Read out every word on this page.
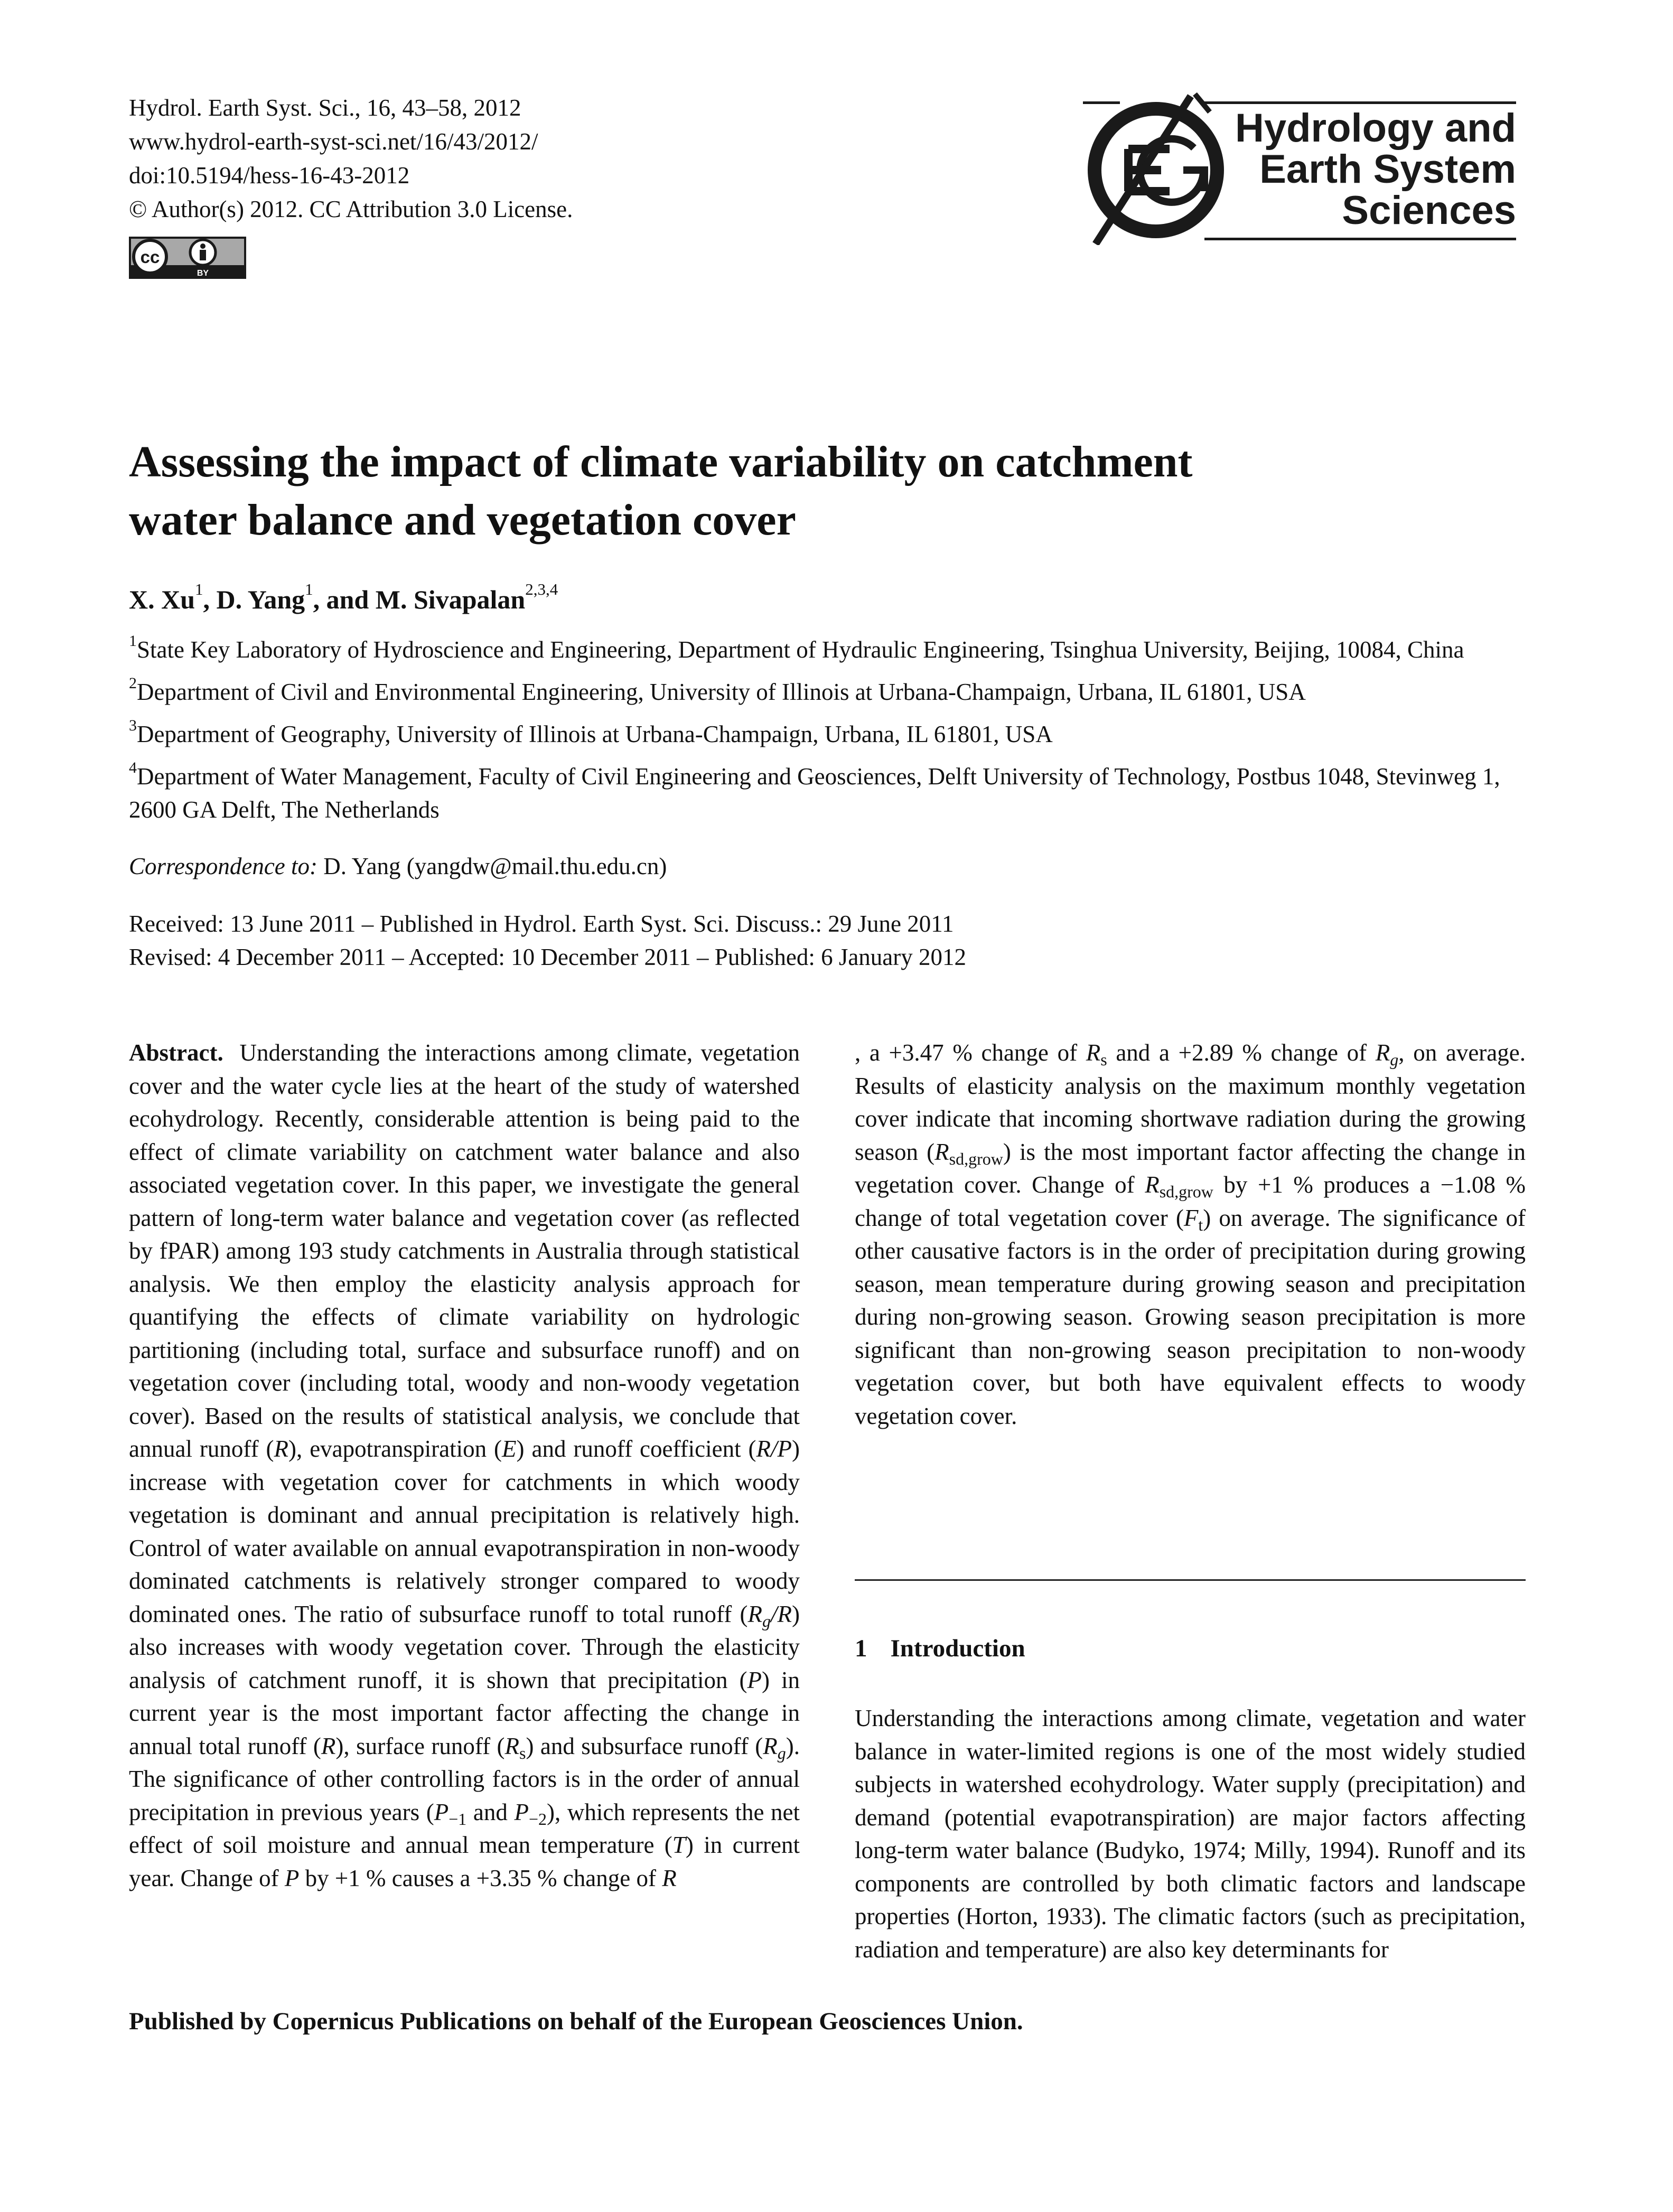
Hydrol. Earth Syst. Sci., 16, 43–58, 2012
www.hydrol-earth-syst-sci.net/16/43/2012/
doi:10.5194/hess-16-43-2012
© Author(s) 2012. CC Attribution 3.0 License.
cc
BY
Hydrology and
Earth System
Sciences
Assessing the impact of climate variability on catchment
water balance and vegetation cover
X. Xu$^1$, D. Yang$^1$, and M. Sivapalan$^{2,3,4}$

$^1$State Key Laboratory of Hydroscience and Engineering, Department of Hydraulic Engineering, Tsinghua University, Beijing, 10084, China

$^2$Department of Civil and Environmental Engineering, University of Illinois at Urbana-Champaign, Urbana, IL 61801, USA

$^3$Department of Geography, University of Illinois at Urbana-Champaign, Urbana, IL 61801, USA

$^4$Department of Water Management, Faculty of Civil Engineering and Geosciences, Delft University of Technology, Postbus 1048, Stevinweg 1, 2600 GA Delft, The Netherlands

Correspondence to: D. Yang (yangdw@mail.thu.edu.cn)
Received: 13 June 2011 – Published in Hydrol. Earth Syst. Sci. Discuss.: 29 June 2011
Revised: 4 December 2011 – Accepted: 10 December 2011 – Published: 6 January 2012

Abstract. Understanding the interactions among climate, vegetation cover and the water cycle lies at the heart of the study of watershed ecohydrology. Recently, considerable attention is being paid to the effect of climate variability on catchment water balance and also associated vegetation cover. In this paper, we investigate the general pattern of long-term water balance and vegetation cover (as reflected by fPAR) among 193 study catchments in Australia through statistical analysis. We then employ the elasticity analysis approach for quantifying the effects of climate variability on hydrologic partitioning (including total, surface and subsurface runoff) and on vegetation cover (including total, woody and non-woody vegetation cover). Based on the results of statistical analysis, we conclude that annual runoff (R), evapotranspiration (E) and runoff coefficient (R/P) increase with vegetation cover for catchments in which woody vegetation is dominant and annual precipitation is relatively high. Control of water available on annual evapotranspiration in non-woody dominated catchments is relatively stronger compared to woody dominated ones. The ratio of subsurface runoff to total runoff $(R_g/R)$ also increases with woody vegetation cover. Through the elasticity analysis of catchment runoff, it is shown that precipitation (P) in current year is the most important factor affecting the change in annual total runoff (R), surface runoff $(R_s)$ and subsurface runoff $(R_g)$. The significance of other controlling factors is in the order of annual precipitation in previous years ($P_{-1}$ and $P_{-2}$), which represents the net effect of soil moisture and annual mean temperature (T) in current year. Change of P by +1 % causes a +3.35 % change of R

, a +3.47 % change of $R_s$ and a +2.89 % change of $R_g$, on average. Results of elasticity analysis on the maximum monthly vegetation cover indicate that incoming shortwave radiation during the growing season $(R_{sd,grow})$ is the most important factor affecting the change in vegetation cover. Change of $R_{sd,grow}$ by +1 % produces a −1.08 % change of total vegetation cover $(F_t)$ on average. The significance of other causative factors is in the order of precipitation during growing season, mean temperature during growing season and precipitation during non-growing season. Growing season precipitation is more significant than non-growing season precipitation to non-woody vegetation cover, but both have equivalent effects to woody vegetation cover.

1 Introduction

Understanding the interactions among climate, vegetation and water balance in water-limited regions is one of the most widely studied subjects in watershed ecohydrology. Water supply (precipitation) and demand (potential evapotranspiration) are major factors affecting long-term water balance (Budyko, 1974; Milly, 1994). Runoff and its components are controlled by both climatic factors and landscape properties (Horton, 1933). The climatic factors (such as precipitation, radiation and temperature) are also key determinants for

Published by Copernicus Publications on behalf of the European Geosciences Union.
